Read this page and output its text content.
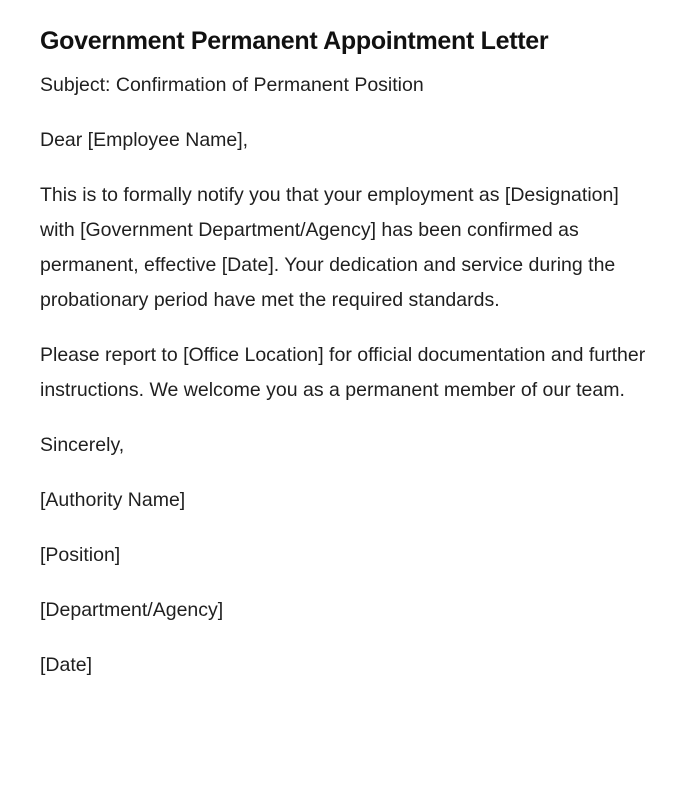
Government Permanent Appointment Letter

Subject: Confirmation of Permanent Position

Dear [Employee Name],

This is to formally notify you that your employment as [Designation] with [Government Department/Agency] has been confirmed as permanent, effective [Date]. Your dedication and service during the probationary period have met the required standards.

Please report to [Office Location] for official documentation and further instructions. We welcome you as a permanent member of our team.

Sincerely,

[Authority Name]

[Position]

[Department/Agency]

[Date]
